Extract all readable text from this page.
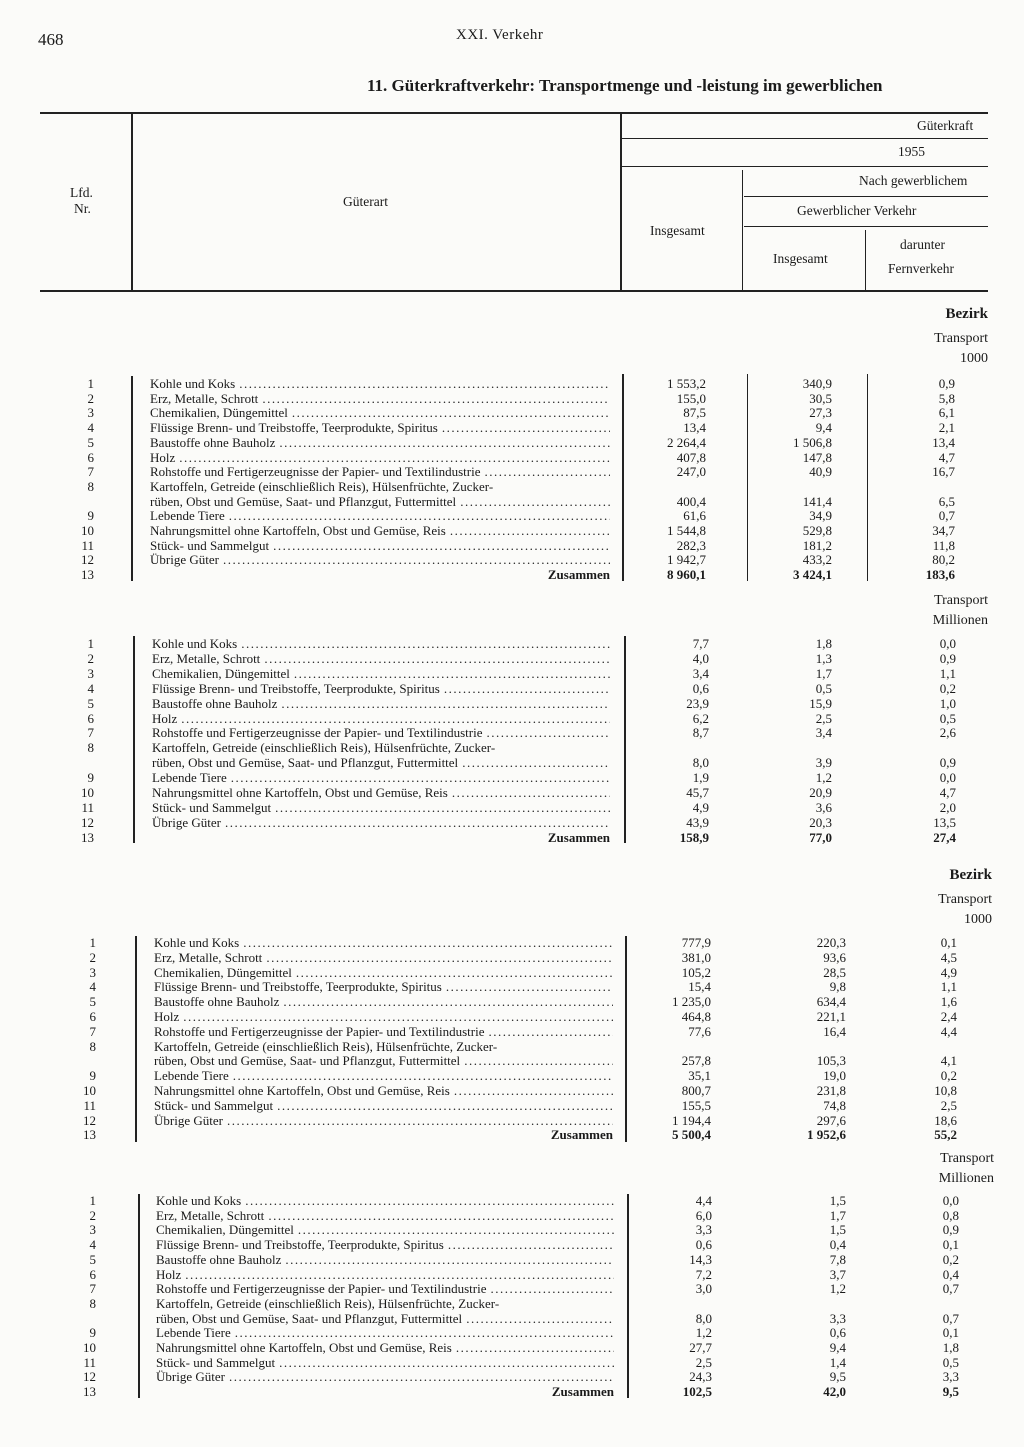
468	XXI. Verkehr
11. Güterkraftverkehr: Transportmenge und -leistung im gewerblichen
Lfd.
Nr.	Güterart
Güterkraft
1955
Insgesamt
Nach gewerblichem
Gewerblicher Verkehr
Insgesamt
darunter
Fernverkehr
Bezirk
Transport
1000
1	Kohle und Koks .....	1 553,2	340,9	0,9
2	Erz, Metalle, Schrott .....	155,0	30,5	5,8
3	Chemikalien, Düngemittel .....	87,5	27,3	6,1
4	Flüssige Brenn- und Treibstoffe, Teerprodukte, Spiritus .....	13,4	9,4	2,1
5	Baustoffe ohne Bauholz .....	2 264,4	1 506,8	13,4
6	Holz .....	407,8	147,8	4,7
7	Rohstoffe und Fertigerzeugnisse der Papier- und Textilindustrie .....	247,0	40,9	16,7
8	Kartoffeln, Getreide (einschließlich Reis), Hülsenfrüchte, Zucker-
rüben, Obst und Gemüse, Saat- und Pflanzgut, Futtermittel .....	400,4	141,4	6,5
9	Lebende Tiere .....	61,6	34,9	0,7
10	Nahrungsmittel ohne Kartoffeln, Obst und Gemüse, Reis .....	1 544,8	529,8	34,7
11	Stück- und Sammelgut .....	282,3	181,2	11,8
12	Übrige Güter .....	1 942,7	433,2	80,2
13	Zusammen	8 960,1	3 424,1	183,6
Transport
Millionen
1	Kohle und Koks .....	7,7	1,8	0,0
2	Erz, Metalle, Schrott .....	4,0	1,3	0,9
3	Chemikalien, Düngemittel .....	3,4	1,7	1,1
4	Flüssige Brenn- und Treibstoffe, Teerprodukte, Spiritus .....	0,6	0,5	0,2
5	Baustoffe ohne Bauholz .....	23,9	15,9	1,0
6	Holz .....	6,2	2,5	0,5
7	Rohstoffe und Fertigerzeugnisse der Papier- und Textilindustrie .....	8,7	3,4	2,6
8	Kartoffeln, Getreide (einschließlich Reis), Hülsenfrüchte, Zucker-
rüben, Obst und Gemüse, Saat- und Pflanzgut, Futtermittel .....	8,0	3,9	0,9
9	Lebende Tiere .....	1,9	1,2	0,0
10	Nahrungsmittel ohne Kartoffeln, Obst und Gemüse, Reis .....	45,7	20,9	4,7
11	Stück- und Sammelgut .....	4,9	3,6	2,0
12	Übrige Güter .....	43,9	20,3	13,5
13	Zusammen	158,9	77,0	27,4
Bezirk
Transport
1000
1	Kohle und Koks .....	777,9	220,3	0,1
2	Erz, Metalle, Schrott .....	381,0	93,6	4,5
3	Chemikalien, Düngemittel .....	105,2	28,5	4,9
4	Flüssige Brenn- und Treibstoffe, Teerprodukte, Spiritus .....	15,4	9,8	1,1
5	Baustoffe ohne Bauholz .....	1 235,0	634,4	1,6
6	Holz .....	464,8	221,1	2,4
7	Rohstoffe und Fertigerzeugnisse der Papier- und Textilindustrie .....	77,6	16,4	4,4
8	Kartoffeln, Getreide (einschließlich Reis), Hülsenfrüchte, Zucker-
rüben, Obst und Gemüse, Saat- und Pflanzgut, Futtermittel .....	257,8	105,3	4,1
9	Lebende Tiere .....	35,1	19,0	0,2
10	Nahrungsmittel ohne Kartoffeln, Obst und Gemüse, Reis .....	800,7	231,8	10,8
11	Stück- und Sammelgut .....	155,5	74,8	2,5
12	Übrige Güter .....	1 194,4	297,6	18,6
13	Zusammen	5 500,4	1 952,6	55,2
Transport
Millionen
1	Kohle und Koks .....	4,4	1,5	0,0
2	Erz, Metalle, Schrott .....	6,0	1,7	0,8
3	Chemikalien, Düngemittel .....	3,3	1,5	0,9
4	Flüssige Brenn- und Treibstoffe, Teerprodukte, Spiritus .....	0,6	0,4	0,1
5	Baustoffe ohne Bauholz .....	14,3	7,8	0,2
6	Holz .....	7,2	3,7	0,4
7	Rohstoffe und Fertigerzeugnisse der Papier- und Textilindustrie .....	3,0	1,2	0,7
8	Kartoffeln, Getreide (einschließlich Reis), Hülsenfrüchte, Zucker-
rüben, Obst und Gemüse, Saat- und Pflanzgut, Futtermittel .....	8,0	3,3	0,7
9	Lebende Tiere .....	1,2	0,6	0,1
10	Nahrungsmittel ohne Kartoffeln, Obst und Gemüse, Reis .....	27,7	9,4	1,8
11	Stück- und Sammelgut .....	2,5	1,4	0,5
12	Übrige Güter .....	24,3	9,5	3,3
13	Zusammen	102,5	42,0	9,5
